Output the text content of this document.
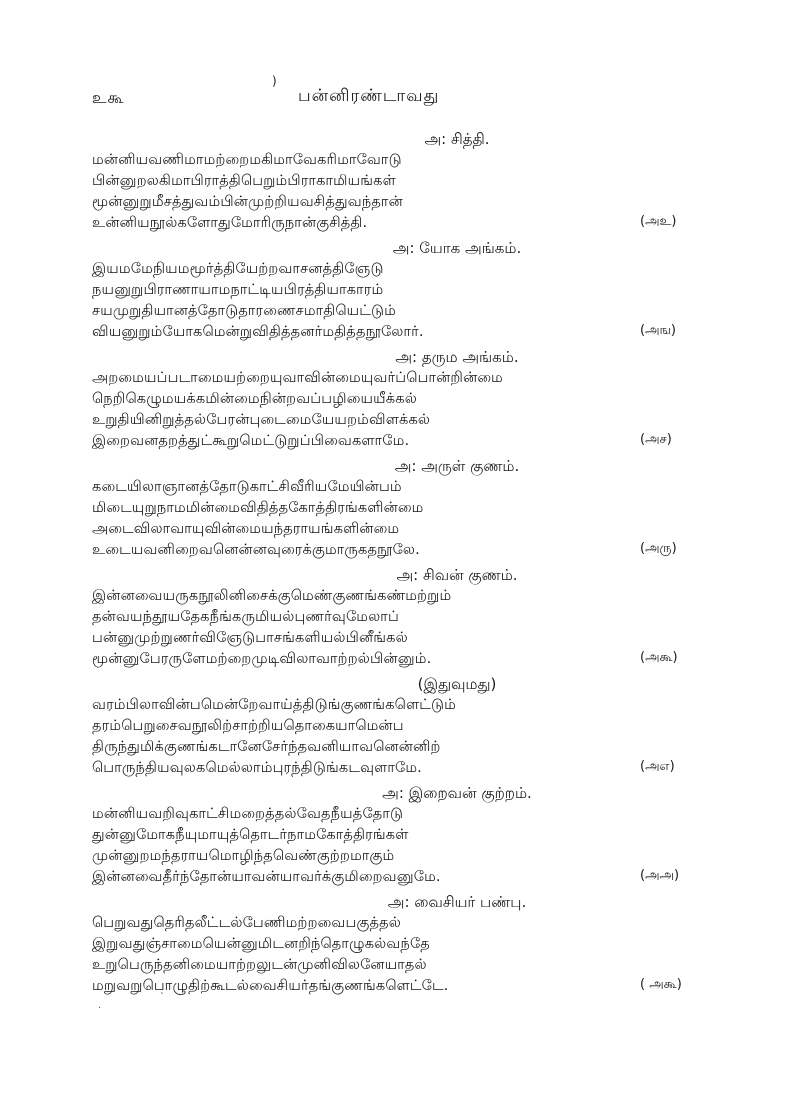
)
உகூ	பன்னிரண்டாவது
அ: சித்தி.
மன்னியவணிமாமற்றைமகிமாவேகரிமாவோடு
பின்னுறலகிமாபிராத்திபெறும்பிராகாமியங்கள்
மூன்னுறுமீசத்துவம்பின்முற்றியவசித்துவந்தான்
உன்னியநூல்களோதுமோரிருநான்குசித்தி.	(அஉ)
அ: யோக அங்கம்.
இயமமேநியமமூர்த்தியேற்றவாசனத்திஞேடு
நயனுறுபிராணாயாமநாட்டியபிரத்தியாகாரம்
சயமுறுதியானத்தோடுதாரணைசமாதியெட்டும்
வியனுறும்யோகமென்றுவிதித்தனர்மதித்தநூலோர்.	(அங)
அ: தரும அங்கம்.
அறமையப்படாமையற்றையுவாவின்மையுவர்ப்பொன்றின்மை
நெறிகெழுமயக்கமின்மைநின்றவப்பழியையீக்கல்
உறுதியினிறுத்தல்பேரன்புடைமையேயறம்விளக்கல்
இறைவனதறத்துட்கூறுமெட்டுறுப்பிவைகளாமே.	(அச)
அ: அருள் குணம்.
கடையிலாஞானத்தோடுகாட்சிவீரியமேயின்பம்
மிடையுறுநாமமின்மைவிதித்தகோத்திரங்களின்மை
அடைவிலாவாயுவின்மையந்தராயங்களின்மை
உடையவனிறைவனென்னவுரைக்குமாருகதநூலே.	(அரு)
அ: சிவன் குணம்.
இன்னவையருகநூலினிசைக்குமெண்குணங்கண்மற்றும்
தன்வயந்தூயதேகநீங்கருமியல்புணர்வுமேலாப்
பன்னுமுற்றுணர்விஞேடுபாசங்களியல்பினீங்கல்
மூன்னுபேரருளேமற்றைமுடிவிலாவாற்றல்பின்னும்.	(அகூ)
(இதுவுமது)
வரம்பிலாவின்பமென்றேவாய்த்திடுங்குணங்களெட்டும்
தரம்பெறுசைவநூலிற்சாற்றியதொகையாமென்ப
திருந்துமிக்குணங்கடானேசேர்ந்தவனியாவனென்னிற்
பொருந்தியவுலகமெல்லாம்புரந்திடுங்கடவுளாமே.	(அஎ)
அ: இறைவன் குற்றம்.
மன்னியவறிவுகாட்சிமறைத்தல்வேதநீயத்தோடு
துன்னுமோகநீயுமாயுத்தொடர்நாமகோத்திரங்கள்
முன்னுறமந்தராயமொழிந்தவெண்குற்றமாகும்
இன்னவைதீர்ந்தோன்யாவன்யாவர்க்குமிறைவனுமே.	(அஅ)
அ: வைசியர் பண்பு.
பெறுவதுதெரிதலீட்டல்பேணிமற்றவைபகுத்தல்
இறுவதுஞ்சாமையென்னுமிடனறிந்தொழுகல்வந்தே
உறுபெருந்தனிமையாற்றலுடன்முனிவிலனேயாதல்
மறுவறுபொழுதிற்கூடல்வைசியர்தங்குணங்களெட்டே.	( அகூ)
.
`
